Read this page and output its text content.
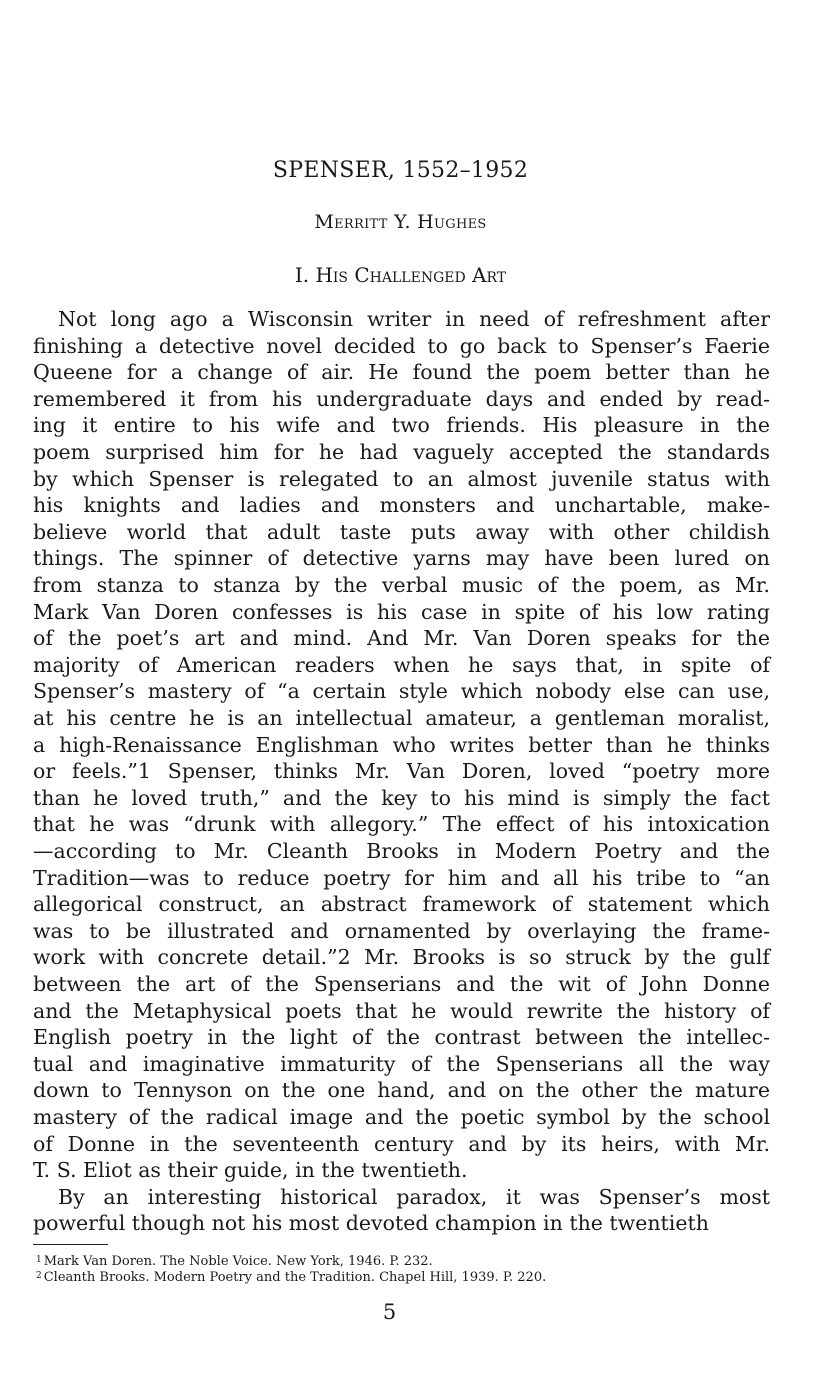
SPENSER, 1552–1952
Merritt Y. Hughes
I. His Challenged Art
Not long ago a Wisconsin writer in need of refreshment after
finishing a detective novel decided to go back to Spenser’s Faerie
Queene for a change of air. He found the poem better than he
remembered it from his undergraduate days and ended by read-
ing it entire to his wife and two friends. His pleasure in the
poem surprised him for he had vaguely accepted the standards
by which Spenser is relegated to an almost juvenile status with
his knights and ladies and monsters and unchartable, make-
believe world that adult taste puts away with other childish
things. The spinner of detective yarns may have been lured on
from stanza to stanza by the verbal music of the poem, as Mr.
Mark Van Doren confesses is his case in spite of his low rating
of the poet’s art and mind. And Mr. Van Doren speaks for the
majority of American readers when he says that, in spite of
Spenser’s mastery of “a certain style which nobody else can use,
at his centre he is an intellectual amateur, a gentleman moralist,
a high-Renaissance Englishman who writes better than he thinks
or feels.”1 Spenser, thinks Mr. Van Doren, loved “poetry more
than he loved truth,” and the key to his mind is simply the fact
that he was “drunk with allegory.” The effect of his intoxication
—according to Mr. Cleanth Brooks in Modern Poetry and the
Tradition—was to reduce poetry for him and all his tribe to “an
allegorical construct, an abstract framework of statement which
was to be illustrated and ornamented by overlaying the frame-
work with concrete detail.”2 Mr. Brooks is so struck by the gulf
between the art of the Spenserians and the wit of John Donne
and the Metaphysical poets that he would rewrite the history of
English poetry in the light of the contrast between the intellec-
tual and imaginative immaturity of the Spenserians all the way
down to Tennyson on the one hand, and on the other the mature
mastery of the radical image and the poetic symbol by the school
of Donne in the seventeenth century and by its heirs, with Mr.
T. S. Eliot as their guide, in the twentieth.
By an interesting historical paradox, it was Spenser’s most
powerful though not his most devoted champion in the twentieth
$^1$ Mark Van Doren. The Noble Voice. New York, 1946. P. 232.
$^2$ Cleanth Brooks. Modern Poetry and the Tradition. Chapel Hill, 1939. P. 220.
5
